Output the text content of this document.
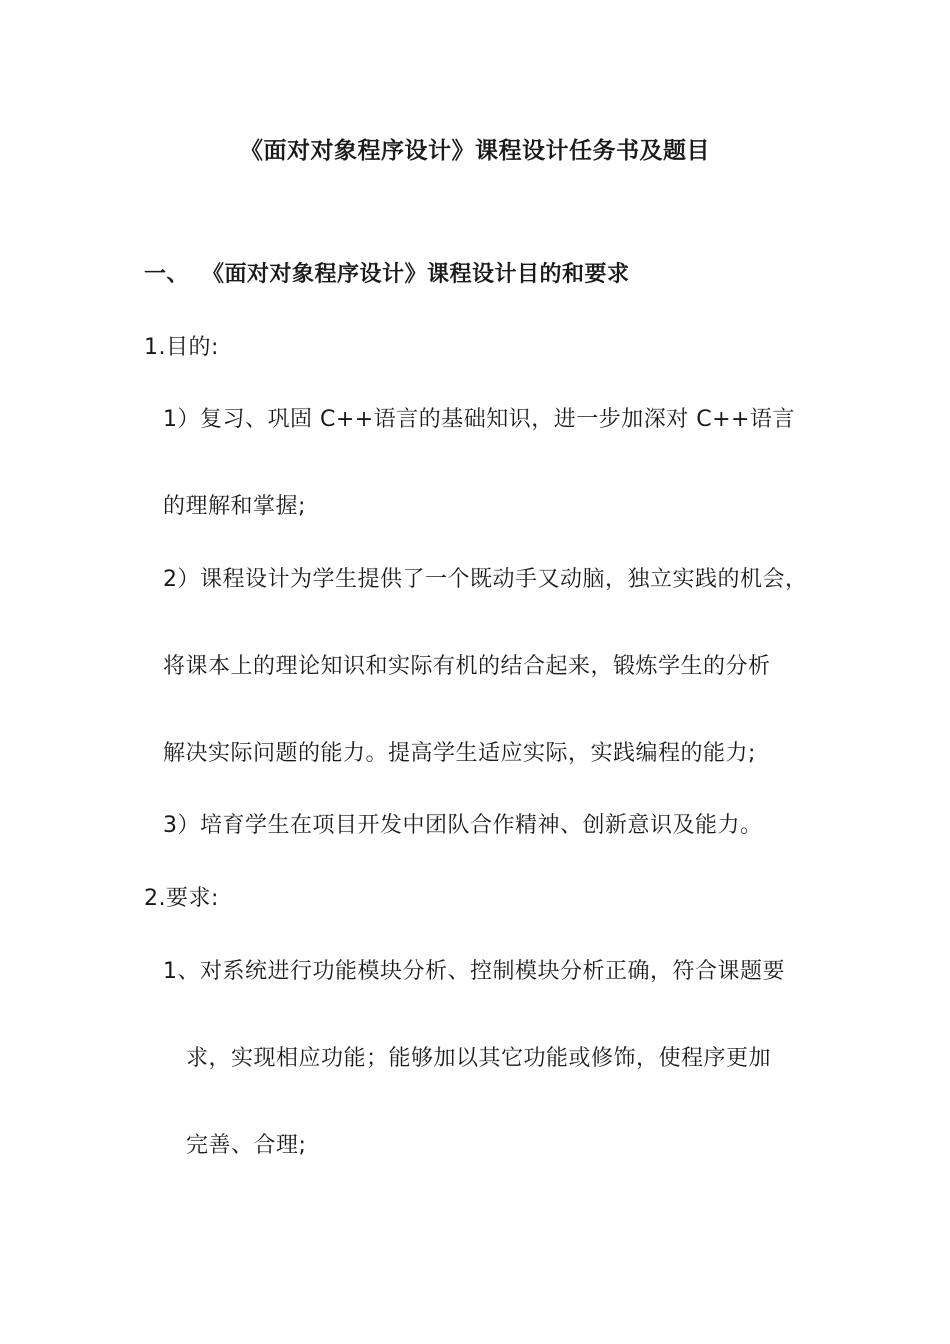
《面对对象程序设计》课程设计任务书及题目
一、 《面对对象程序设计》课程设计目的和要求
1.目的:
1）复习、巩固 C++语言的基础知识，进一步加深对 C++语言
的理解和掌握;
2）课程设计为学生提供了一个既动手又动脑，独立实践的机会，
将课本上的理论知识和实际有机的结合起来，锻炼学生的分析
解决实际问题的能力。提高学生适应实际，实践编程的能力;
3）培育学生在项目开发中团队合作精神、创新意识及能力。
2.要求:
1、对系统进行功能模块分析、控制模块分析正确，符合课题要
求，实现相应功能；能够加以其它功能或修饰，使程序更加
完善、合理;
